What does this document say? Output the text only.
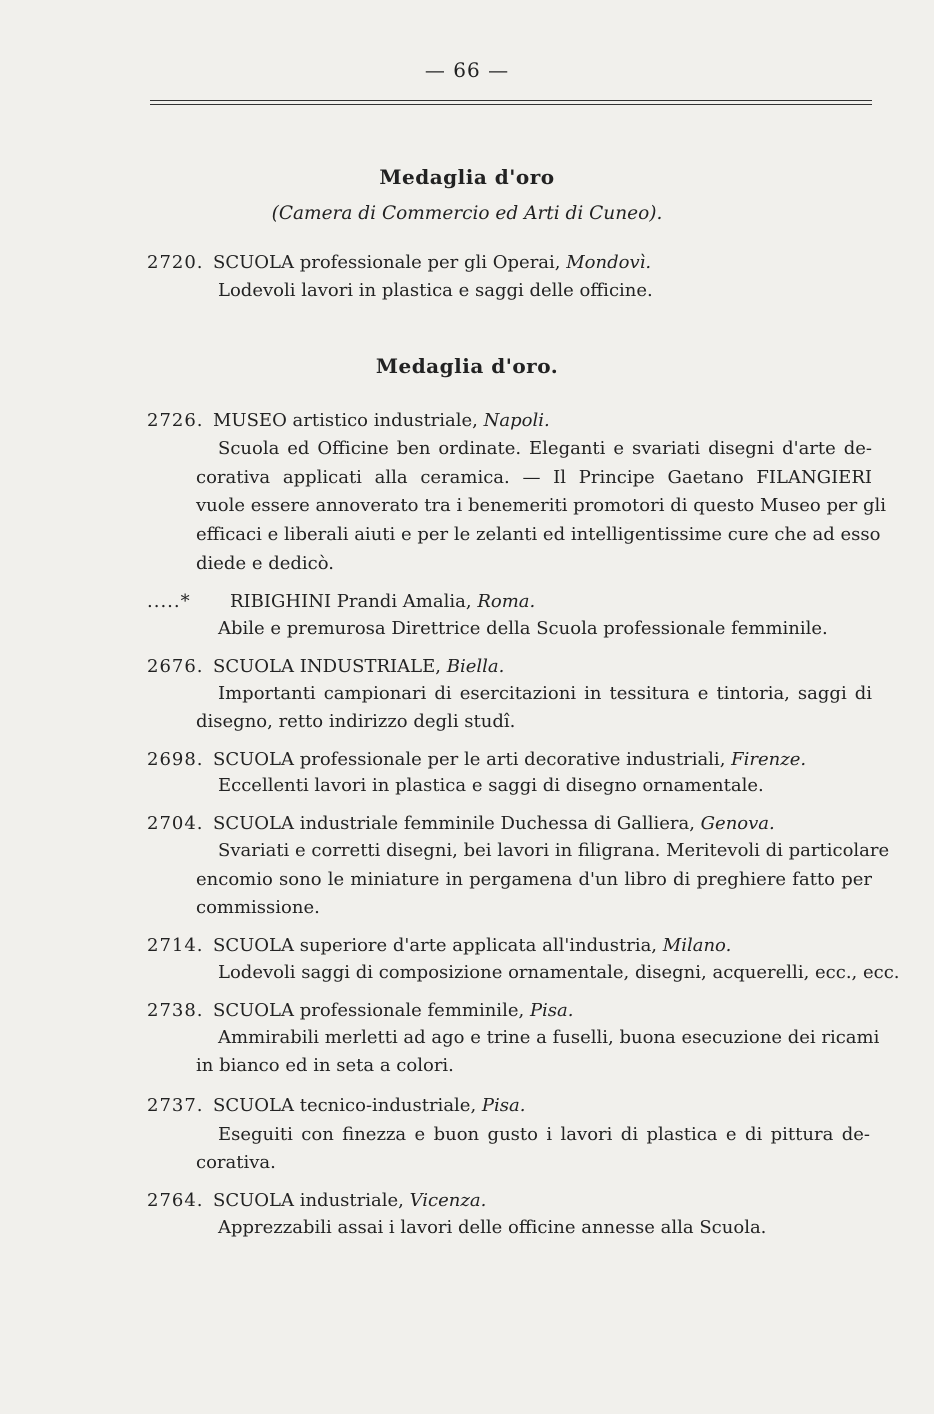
— 66 —
Medaglia d'oro
(Camera di Commercio ed Arti di Cuneo).
2720. SCUOLA professionale per gli Operai, Mondovì.
Lodevoli lavori in plastica e saggi delle officine.
Medaglia d'oro.
2726. MUSEO artistico industriale, Napoli.
Scuola ed Officine ben ordinate. Eleganti e svariati disegni d'arte de-
corativa applicati alla ceramica. — Il Principe Gaetano FILANGIERI
vuole essere annoverato tra i benemeriti promotori di questo Museo per gli
efficaci e liberali aiuti e per le zelanti ed intelligentissime cure che ad esso
diede e dedicò.
.....* RIBIGHINI Prandi Amalia, Roma.
Abile e premurosa Direttrice della Scuola professionale femminile.
2676. SCUOLA INDUSTRIALE, Biella.
Importanti campionari di esercitazioni in tessitura e tintoria, saggi di
disegno, retto indirizzo degli studî.
2698. SCUOLA professionale per le arti decorative industriali, Firenze.
Eccellenti lavori in plastica e saggi di disegno ornamentale.
2704. SCUOLA industriale femminile Duchessa di Galliera, Genova.
Svariati e corretti disegni, bei lavori in filigrana. Meritevoli di particolare
encomio sono le miniature in pergamena d'un libro di preghiere fatto per
commissione.
2714. SCUOLA superiore d'arte applicata all'industria, Milano.
Lodevoli saggi di composizione ornamentale, disegni, acquerelli, ecc., ecc.
2738. SCUOLA professionale femminile, Pisa.
Ammirabili merletti ad ago e trine a fuselli, buona esecuzione dei ricami
in bianco ed in seta a colori.
2737. SCUOLA tecnico-industriale, Pisa.
Eseguiti con finezza e buon gusto i lavori di plastica e di pittura de-
corativa.
2764. SCUOLA industriale, Vicenza.
Apprezzabili assai i lavori delle officine annesse alla Scuola.
